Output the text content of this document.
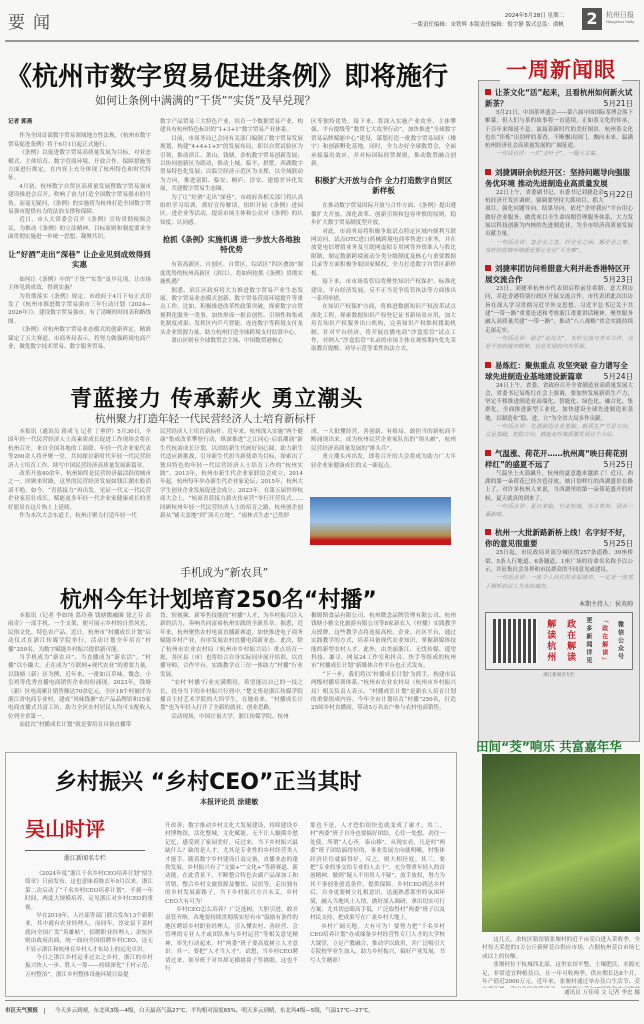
要闻	2024年5月28日 星期二
一版责任编辑：宋铁辉 本版责任编辑：倪宇静 版式总监：俞帆 2	杭州日报
Hangzhou Daily
《杭州市数字贸易促进条例》即将施行
如何让条例中满满的“干货”“实货”及早兑现？
记者 郭燕

作为全国首部数字贸易领域地方性法规，《杭州市数字贸易促进条例》将于6月1日起正式施行。

《条例》以促进数字贸易高质量发展为目标，对业态模式、主体培育、数字营商环境、开放合作、保障措施等方面进行规定，在内容上充分体现了杭州特色和时代特征。

4月初，杭州数字自贸区高质量发展暨数字贸易强市建设推进会召开，吹响了奋力打造全国数字贸易强市的号角。而毫无疑问，《条例》的实施将为杭州打造全国数字贸易强市提供有力的法治支撑和保障。

近日，市人大常委会召开《条例》宣传贯彻视频会议，为推动《条例》的立法精神、目标原则和制度要求全面贯彻实施进一步统一思想、凝聚共识。

让“好酒”走出“深巷” 让企业见到成效得到实惠

如何让《条例》中的“干货”“实货”及早兑现，让市场主体见到成效、得到实惠？

为贯彻落实《条例》规定，市政府于4月下旬正式印发了《杭州市推进数字贸易强市三年行动计划（2024—2026年）》。建设数字贸易强市，有了清晰的时间表和路线图。

《条例》对杭州数字贸易业态模式的创新界定，精准锚定了五大赛道。市商务局表示，将努力做强跨境电商产业，做优数字技术贸易、数字服务贸易、

数字产品贸易三大特色产业，培育一个数据贸易产业，构建具有杭州特色标识的“1+3+1”数字贸易产业体系。

目前，市商务局已会同有关部门编制了数字贸易发展规划，构建“4+4+1+5”的发展布局，即以自贸试验区为引领，推动滨江、萧山、钱塘、余杭数字贸易创新发展；以协同创新区为联动，推动上城、临平、拱墅、西湖数字贸易特色化发展；以临空经济示范区为支撑，以全域联动为方向，推进富阳、临安、桐庐、淳安、建德差异化发展，共建数字贸易生态圈。

为了让“好酒”走出“深巷”，市政府各相关部门将认真组织学习培训，抓好宣传解读，组织开展《条例》进园区、进企业等活动，提高市场主体和公众对《条例》的认知度、认同感。

抢抓《条例》实施机遇 进一步放大各地独特优势

有着高新区、自创区、自贸区、综试区“四区叠加”制度优势的杭州高新区（滨江），将如何抢抓《条例》贯彻实施机遇？

据悉，滨江区政府将大力推进数字贸易产业生态发展、数字贸易业态模式创新、数字贸易营商环境提升等重点工作。比如，积极推进改革性政策突破，探索数字自贸便利化服务一类事，加快形成一批首创性、引领性和集成化制度成果；发挥区内乒乓智能、连连数字等跨境支付龙头企业资源力量，助力杭州打造全球跨境支付结算中心。

萧山区则有全球数贸会主场、中国数贸港核心

区等独特优势。接下来，将深入实施产业攻坚、主体攀强、平台提级等“数贸七大攻坚行动”，加快推进“全球数字贸易品牌赋能中心”建设，谋划打造一批数字贸易园区（楼宇）和创新孵化基地。同时，全力办好全球数贸会，全面承接溢出效应，并对标国际经贸规则，推动数贸融合创新。

积极扩大开放与合作 全力打造数字自贸区新样板

在推动数字贸易国际开放与合作方面，《条例》提出遵循扩大开放、深化改革、创新引领和包容审慎的原则，稳步扩大数字贸易制度型开放。

对此，市商务局将积极争取试点特定区域内便利互联网访问，试点OTC进口药械跨境电商零售进口业务，并在放宽电信增值业务及互联网虚拟专用网等外资准入与股比限制、制定数据跨境流动分类分级制度及核心与重要数据目录等方面积极争取国家赋权，全力打造数字自贸区新样板。

接下来，市市场监管局将聚焦知识产权保护、标准化建设、平台经济发展、反不正当竞争监管执法等方面推出一系列举措。

在知识产权保护方面，将推进数据知识产权改革试点深化工程，探索数据知识产权登记证书新场景应用，加大培育知识产权服务出口机构，完善知识产权维权援助机制。针对平台经济，将开展直播电商“沙盒监管”试点工作，对纳入“沙盒监管”名录的市场主体在观察期内优先采取教育提醒、劝导示范等柔性执法方式。

青蓝接力 传承薪火 勇立潮头
杭州聚力打造年轻一代民营经济人士培育新标杆

本报讯（通讯员 蒋成飞 记者 丁垂伊）5月30日，全国年轻一代民营经济人士高素质成长促进工作现场会将在杭州召开，来自全国各地的工商联、年轻一代企业家代表等200余人将齐聚一堂，共同探讨新时代年轻一代民营经济人士培育工作，续写中国民营经济高质量发展新篇章。

改革开放40余年，杭州始终是民营经济最活跃的城市之一。回顾来时路，这里的民营经济发展如钱江潮水般滔滔不绝。如今，“青蓝接力”再出发，见证一代又一代民营企业家茁壮成长，赋能更多年轻一代企业家健康成长的美好愿景在这片热土上延续。

作为本次大会东道主，杭州正聚力打造年轻一代

民营经济人士培育新标杆。近年来，杭州深入实施“两个健康”集成改革攀登行动，纵深推进“之江同心·启浪潮涌”新生代杭商成长计划，以团结新生代画好同心圆，助力新生代适应新挑战，引导新生代担当新使命为目标，探索出了独具特色的年轻一代民营经济人士培育工作的“杭州实践”。2013年，杭州市新生代企业家联谊会成立；2014年起，杭州每年举办新生代企业家论坛；2015年，杭州大学生创业企业发展促进会成立；2023年，在第五届世界杭商大会上，“杭商青蓝接力薪火传承营”举行开营仪式……回顾杭州年轻一代民营经济人士的培育之路，杭州创企创新从“铺天盖地”到“顶天立地”，“雨林式生态”已然形

成。一大批懂经营、善创新、有格局、敢担当的新杭商不断涌现出来，成为杭州民营企业家队伍的“领头雁”，杭州民营经济高质量发展的“排头兵”。

勇立潮头再出发，即将召开的大会将成为助力广大年轻企业家健康成长的又一新起点。

手机成为“新农具”
杭州今年计划培育250名“村播”

本报讯（记者 李如纯 葛玲燕 钱塘微融圈 徐之芬 高雨奇）一部手机、一个支架，便可展示乡村的自然风光、民俗文化、特色农产品。近日，杭州市“村播成长计划”启动仪式在浙江传媒学院举行，活动计划全年培育“村播”250名，为数字赋能乡村振兴提供新可能。

当手机成为“新农具”，当直播成为“新农活”，“村播”以小撬大，正在成为“互联网+现代农业”的重要力量。以钱塘（新）区为例，近年来，一批如百草味、微念、小皇鸡等优秀直播电商销售企业纷纷涌现。2023年，钱塘（新）区电商累计销售额达70余亿元，全区18个村被评为浙江省电商专业村，建成“风味钱塘”农产品品牌馆和15家电商直播式共富工坊，助力全区农村居民人均可支配收入位列全省第一。

而此次“村播成长计划”就是要培育具备直播带

货、短视频、新零售技能的“村播”人才，为乡村振兴注入新的活力，奏响共同富裕杭州实践的全新乐章。据悉，近年来，杭州聚焦农村电商直播新赛道，加快推进电子商务赋能乡村产业，有序发展农村直播电商新业态。此次，除了杭州市农业农村局（杭州市乡村振兴局）重点培育一批，各区县（市）也将结合自身实际同步展开培训，以直播导师、合作平台、实践教学点三位一体助力“村播”行业发展。

“农村‘村播’行业充满期待，希望能以自己的一技之长，投身当下的乡村振兴行列中。”楚文彤是浙江传媒学院播音主持艺术学院的大四学生，在她看来，“村播成长计划”也为年轻人打开了全新的就业、创业思路。

活动现场，中国计量大学、浙江传媒学院、杭州

椒姆斯食品有限公司、杭州微念品牌管理有限公司、杭州钱塘小雅文化旅游有限公司等8家新农人（村播）实践教学点授牌，这些教学点将连接高校、企业、社区平台，通过实践教学的方式，培养具备现代农业知识、掌握新媒体技能的新型农村人才。此外，由美丽浙江、无忧传媒、遥望科技、谦寻、网易24工作室和抖音、快手等组成的杭州市“村播成长计划”新媒体合作平台也正式发布。

“下一步，我们将以‘村播成长计划’为抓手，构建市县两级村播培训体系。”杭州市农业农村局（杭州市乡村振兴局）相关负责人表示，“村播成长计划”是新农人培育计划的重要组成内容。今年全市计划培育“村播”250名，打造25间乡村直播间，带动5万名农户参与农村电商销售。

让茶文化“活”起来，且看杭州如何新火试新茶？	5月21日

5月21日，中国茶界盛会——第六届中国国际茶博会落下帷幕，但人们与茶的故事将一直延续，正如茶文化的传承，千百年来绵延不息。氤氲着新时代的美好图景，杭州茶文化也在“淬炼”出别样的茶香，不断飘出国门、飘向未来，温满杭州经济社会高质量发展的广阔征途。

一句话点评：一片“金叶子”，一篇大文章。

刘捷调研余杭经开区：坚持问题导向强服务优环境 推动先进制造业高质量发展
5月22日

22日上午，省委副书记、市委书记刘捷赴余杭经济开发区调研，强调要坚持大抓项目、抓大项目，强化问题导向、结果导向，依托“企呼我应”平台用心做好企业服务，做优项目全生命周期管理服务体系，大力发展以科技创新为内核的先进制造业，为全市经济高质量发展贡献力量。

一句话点评：急企业之急、纾企业之困、解企业之难，良好的营商环境就是要让企业“不为难”。

刘捷率团访问希腊意大利并赴香港特区开展交流合作	5月23日

23日，刘捷率杭州市代表团启程前往希腊、意大利访问，并赴香港特别行政区开展交流合作。市代表团此次出访旨在深入学习贯彻习近平外交思想、习近平总书记关于共建“一带一路”重要论述和考察浙江重要讲话精神，聚焦服务融入高质量共建“一带一路”，推动“八八战略”省会实践持续走深走实。

一句话点评：政企“走出去”，友好交流与务实合作，这是开放的城市精神，也是发展的内外所需。

易炼红：聚焦重点 攻坚突破 奋力谱写全球先进制造业基地建设新篇章	5月24日

24日上午，省委、省政府召开全省制造业高质量发展大会，省委书记易炼红在会上强调，要加快发展新质生产力，坚定不移推进制造业高端化、智能化、绿色化、融合化、集群化，全面推进新型工业化，加快建设全球先进制造业基地，以制造业“稳、进、立”为全省大局多作贡献。

一句话点评：先进制造业是基础，新质生产力是方向，立足基础，把稳方向，就能走好高质量发展这个大局。

气温涨、荷花开……杭州离“映日荷花别样红”的盛夏不远了	5月25日

气温坐上火箭飙升，杭州的夏意越来越浓了！近日，西湖的第一朵荷花已经含苞待放，映日别样红的西湖盛景在路上了。对许多杭州人来说，当西湖里的第一朵荷花盛开的时候，夏天就真的到来了。

一句话点评：夏日来临，行走杭城，怀古赏荷，别有一番韵味。

杭州一大批新路新桥上线！名字好不好，你的意见很重要	5月25日

25日起，市民政局对部分城区的257条道路、39座桥梁、5条人行地道、6条隧道、1座广场的待命名名称予以公示，并征集社会各界和市民群众的不同意见或建议。

一句话点评：一座令人向往的幸福城市，一定是一座基于倾听的以人为本的城市。

本期主持人：侯英帅
解读杭州 政在解读	更多新闻详见 「政在解读」 微信公众号
浙江新闻名专栏
一周新闻眼
乡村振兴 “乡村CEO”正当其时
本报评论员 涂建敏
吴山时评
浙江新闻名专栏

《2024年度“浙江千名乡村CEO培养计划”招生简章》日前发布，这也意味着继去年9月以来，浙江第二次启动了“千名乡村CEO培养计划”。不到一年时间，两度大规模培养，足见浙江对乡村CEO的重视。

早在2019年，人社部等部门联合发布13个新职业，其中就有农业经理人。而同年，淳安县下姜村就向全国广发“英雄帖”，招聘职业经理人；余杭区则由政府出面，统一面向全国招聘乡村CEO，这无不显示浙江和杭州在乡村人才布局上的远见卓识。

今日之浙江乡村远非过去之乡村，浙江的乡村振兴快人一步、胜人一筹——持续深化“千村示范、万村整治”，浙江乡村整体设施环境日益提

升改善；数字推动乡村文化大发展建设，持续建设乡村博物馆，活化整城，文化赋能，无不让人触摸乡愁记忆，感受到了家园美好。反过来，当下乡村振兴最缺什么？缺的是人才，尤其是专业性的乡村经营类人才能手。随着数字乡村建设日益完备，直播业态的蓬勃发展，乡村振兴有了“文旅+”“文化+”等新赛道、新动能。在此背景下，不断整合特色农副产品深加工和营销，整合乡村文旅资源及餐饮、民宿等，走出独有的乡村发展新路子，当下乡村振兴方兴未艾，乡村CEO大有可为！

乡村CEO怎么培养？广泛选树，大胆引进，敢并双管齐纳。各地要持续贯彻落实好有市“鼓励有条件的地区聘请乡村职业经理人，引入懂农村、善经营、会管理的专业人才或团队参与乡村运营”等相关意见精神，率先行动起来。村“两委”班子要高度树立人才意识：其一，要把“人才当人才”。试想，当乡村CEO聘请过来，领导班子对其却足横挑鼻子竖挑眼，这也不行

那也不是，人才恐怕很快也就变成了庸才。其二，村“两委”班子自身也要搞好团结，心往一处想、劲往一处使。所谓“人心齐，泰山移”，从现实看，凡是村“两委”班子团结搞得好的，事业发展方向就明晰，村集体经济往往就搞得好，反之，则大相径庭。其三，要把“专业的事交给专业的人去干”，充分尊重年轻人的首创精神，做到“疑人不用用人不疑”，放手放权，努力为其干事创业创造条件，提供保障。乡村CEO到达乡村后，自身更要树立扎根意识，迅速熟悉那里的氛围环境，融入当地风土人情，做好深入调研，拿出切实可行方案，尤其切忌眼高手低，广泛取得村“两委”班子以及村民支持，把成果写在广袤乡村大地上。

乡村广阔天地，大有可为！要努力把“千名乡村CEO培养计划”办成储备乡村经营性专门人才的大学校大课堂，立足产教融合，推动学以致用，并广泛吸引大专院校毕业生加入，助力乡村振兴，搞好产业发展，书写人生精彩！

田间“茭”响乐 共富嘉年华

这几天，余杭区瓶窑镇张堰村的近千亩茭白进入采收季，全村每天采挖的1万公斤新鲜茭白供应市场，占据杭州茭白市场七成以上的份额。

张堰村位于杭城西北部，这里农田平整，土壤肥沃，水源充足，非常适宜种植茭白，且一年可收两季，供应期长达8个月，年产值近2000万元。近年来，张堰村通过举办茭白生活节、茭

通讯员 万佳琦 文 记者 李忠 摄
市区天气预报	今天多云到晴，东北风3级—4级，白天最高气温27℃，平均相对湿度65%。明天多云到晴，东北风4级—5级，气温17℃—27℃。
